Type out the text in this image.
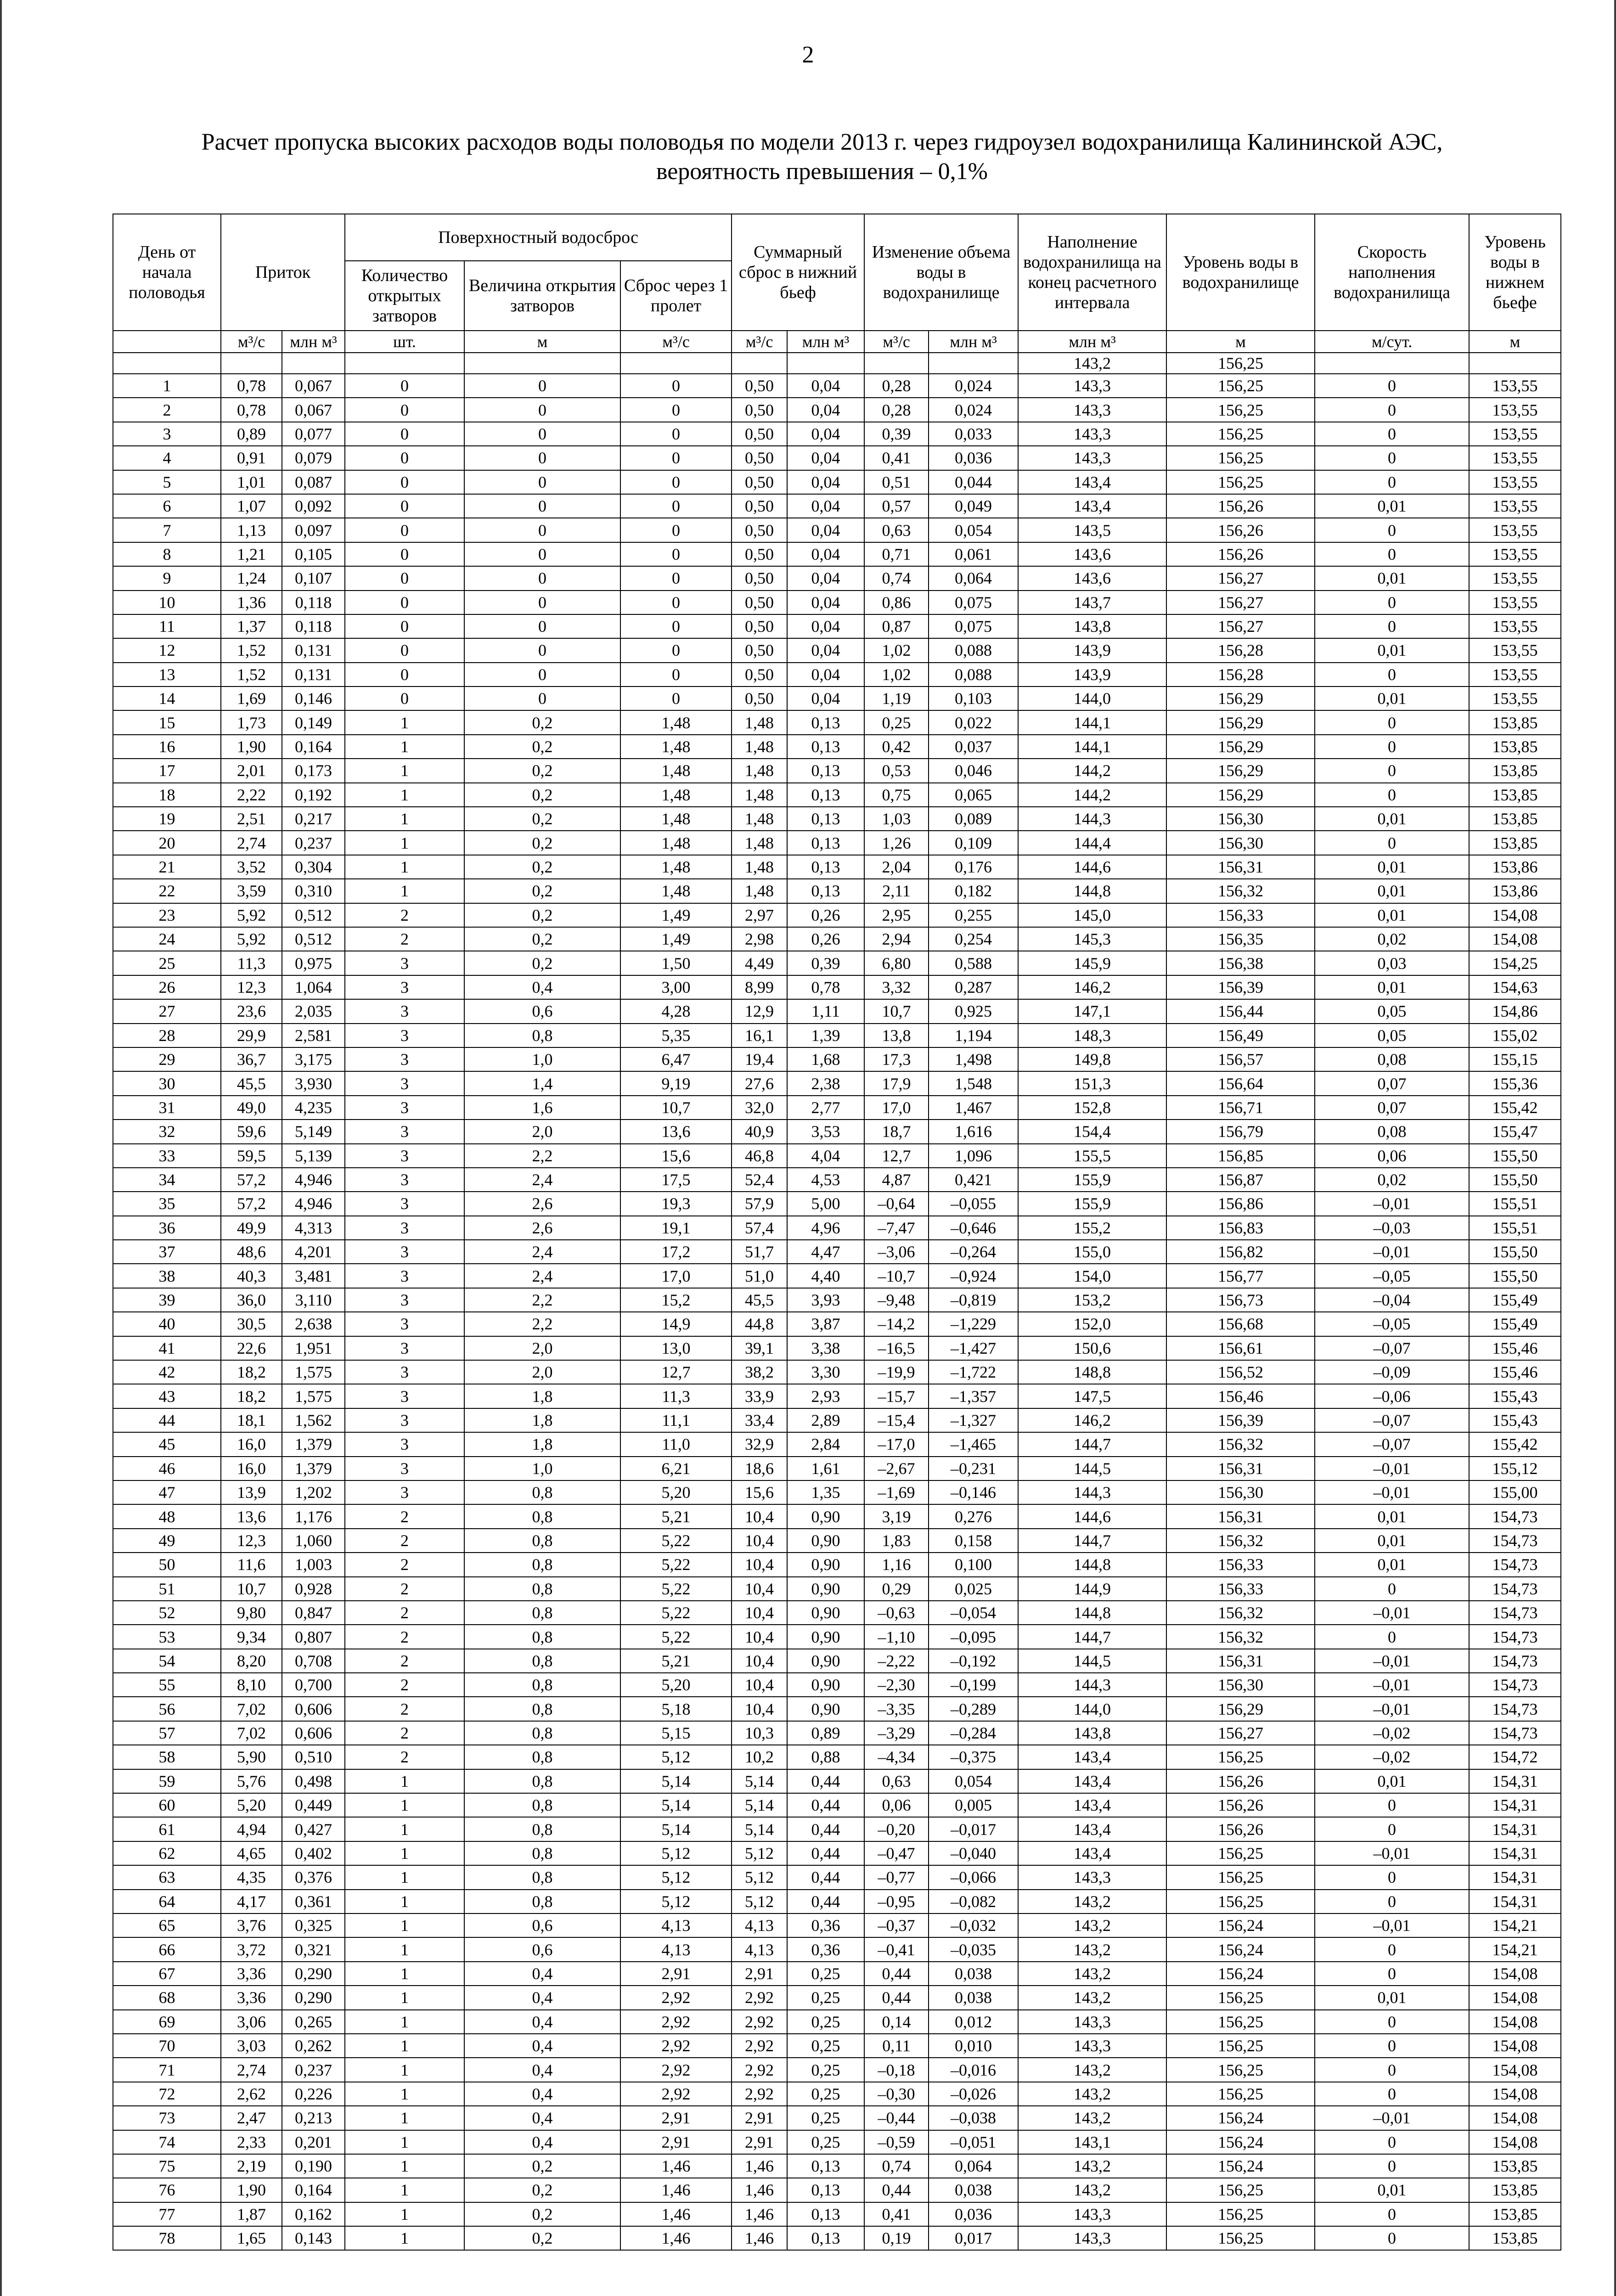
2
Расчет пропуска высоких расходов воды половодья по модели 2013 г. через гидроузел водохранилища Калининской АЭС,
вероятность превышения – 0,1%
День от начала половодья	Приток		Поверхностный водосброс			Суммарный сброс в нижний бьеф		Изменение объема воды в водохранилище		Наполнение водохранилища на конец расчетного интервала	Уровень воды в водохранилище	Скорость наполнения водохранилища	Уровень воды в нижнем бьефе
			Количество открытых затворов	Величина открытия затворов	Сброс через 1 пролет								
	м³/с	млн м³	шт.	м	м³/с	м³/с	млн м³	м³/с	млн м³	млн м³	м	м/сут.	м
										143,2	156,25		
1	0,78	0,067	0	0	0	0,50	0,04	0,28	0,024	143,3	156,25	0	153,55
2	0,78	0,067	0	0	0	0,50	0,04	0,28	0,024	143,3	156,25	0	153,55
3	0,89	0,077	0	0	0	0,50	0,04	0,39	0,033	143,3	156,25	0	153,55
4	0,91	0,079	0	0	0	0,50	0,04	0,41	0,036	143,3	156,25	0	153,55
5	1,01	0,087	0	0	0	0,50	0,04	0,51	0,044	143,4	156,25	0	153,55
6	1,07	0,092	0	0	0	0,50	0,04	0,57	0,049	143,4	156,26	0,01	153,55
7	1,13	0,097	0	0	0	0,50	0,04	0,63	0,054	143,5	156,26	0	153,55
8	1,21	0,105	0	0	0	0,50	0,04	0,71	0,061	143,6	156,26	0	153,55
9	1,24	0,107	0	0	0	0,50	0,04	0,74	0,064	143,6	156,27	0,01	153,55
10	1,36	0,118	0	0	0	0,50	0,04	0,86	0,075	143,7	156,27	0	153,55
11	1,37	0,118	0	0	0	0,50	0,04	0,87	0,075	143,8	156,27	0	153,55
12	1,52	0,131	0	0	0	0,50	0,04	1,02	0,088	143,9	156,28	0,01	153,55
13	1,52	0,131	0	0	0	0,50	0,04	1,02	0,088	143,9	156,28	0	153,55
14	1,69	0,146	0	0	0	0,50	0,04	1,19	0,103	144,0	156,29	0,01	153,55
15	1,73	0,149	1	0,2	1,48	1,48	0,13	0,25	0,022	144,1	156,29	0	153,85
16	1,90	0,164	1	0,2	1,48	1,48	0,13	0,42	0,037	144,1	156,29	0	153,85
17	2,01	0,173	1	0,2	1,48	1,48	0,13	0,53	0,046	144,2	156,29	0	153,85
18	2,22	0,192	1	0,2	1,48	1,48	0,13	0,75	0,065	144,2	156,29	0	153,85
19	2,51	0,217	1	0,2	1,48	1,48	0,13	1,03	0,089	144,3	156,30	0,01	153,85
20	2,74	0,237	1	0,2	1,48	1,48	0,13	1,26	0,109	144,4	156,30	0	153,85
21	3,52	0,304	1	0,2	1,48	1,48	0,13	2,04	0,176	144,6	156,31	0,01	153,86
22	3,59	0,310	1	0,2	1,48	1,48	0,13	2,11	0,182	144,8	156,32	0,01	153,86
23	5,92	0,512	2	0,2	1,49	2,97	0,26	2,95	0,255	145,0	156,33	0,01	154,08
24	5,92	0,512	2	0,2	1,49	2,98	0,26	2,94	0,254	145,3	156,35	0,02	154,08
25	11,3	0,975	3	0,2	1,50	4,49	0,39	6,80	0,588	145,9	156,38	0,03	154,25
26	12,3	1,064	3	0,4	3,00	8,99	0,78	3,32	0,287	146,2	156,39	0,01	154,63
27	23,6	2,035	3	0,6	4,28	12,9	1,11	10,7	0,925	147,1	156,44	0,05	154,86
28	29,9	2,581	3	0,8	5,35	16,1	1,39	13,8	1,194	148,3	156,49	0,05	155,02
29	36,7	3,175	3	1,0	6,47	19,4	1,68	17,3	1,498	149,8	156,57	0,08	155,15
30	45,5	3,930	3	1,4	9,19	27,6	2,38	17,9	1,548	151,3	156,64	0,07	155,36
31	49,0	4,235	3	1,6	10,7	32,0	2,77	17,0	1,467	152,8	156,71	0,07	155,42
32	59,6	5,149	3	2,0	13,6	40,9	3,53	18,7	1,616	154,4	156,79	0,08	155,47
33	59,5	5,139	3	2,2	15,6	46,8	4,04	12,7	1,096	155,5	156,85	0,06	155,50
34	57,2	4,946	3	2,4	17,5	52,4	4,53	4,87	0,421	155,9	156,87	0,02	155,50
35	57,2	4,946	3	2,6	19,3	57,9	5,00	–0,64	–0,055	155,9	156,86	–0,01	155,51
36	49,9	4,313	3	2,6	19,1	57,4	4,96	–7,47	–0,646	155,2	156,83	–0,03	155,51
37	48,6	4,201	3	2,4	17,2	51,7	4,47	–3,06	–0,264	155,0	156,82	–0,01	155,50
38	40,3	3,481	3	2,4	17,0	51,0	4,40	–10,7	–0,924	154,0	156,77	–0,05	155,50
39	36,0	3,110	3	2,2	15,2	45,5	3,93	–9,48	–0,819	153,2	156,73	–0,04	155,49
40	30,5	2,638	3	2,2	14,9	44,8	3,87	–14,2	–1,229	152,0	156,68	–0,05	155,49
41	22,6	1,951	3	2,0	13,0	39,1	3,38	–16,5	–1,427	150,6	156,61	–0,07	155,46
42	18,2	1,575	3	2,0	12,7	38,2	3,30	–19,9	–1,722	148,8	156,52	–0,09	155,46
43	18,2	1,575	3	1,8	11,3	33,9	2,93	–15,7	–1,357	147,5	156,46	–0,06	155,43
44	18,1	1,562	3	1,8	11,1	33,4	2,89	–15,4	–1,327	146,2	156,39	–0,07	155,43
45	16,0	1,379	3	1,8	11,0	32,9	2,84	–17,0	–1,465	144,7	156,32	–0,07	155,42
46	16,0	1,379	3	1,0	6,21	18,6	1,61	–2,67	–0,231	144,5	156,31	–0,01	155,12
47	13,9	1,202	3	0,8	5,20	15,6	1,35	–1,69	–0,146	144,3	156,30	–0,01	155,00
48	13,6	1,176	2	0,8	5,21	10,4	0,90	3,19	0,276	144,6	156,31	0,01	154,73
49	12,3	1,060	2	0,8	5,22	10,4	0,90	1,83	0,158	144,7	156,32	0,01	154,73
50	11,6	1,003	2	0,8	5,22	10,4	0,90	1,16	0,100	144,8	156,33	0,01	154,73
51	10,7	0,928	2	0,8	5,22	10,4	0,90	0,29	0,025	144,9	156,33	0	154,73
52	9,80	0,847	2	0,8	5,22	10,4	0,90	–0,63	–0,054	144,8	156,32	–0,01	154,73
53	9,34	0,807	2	0,8	5,22	10,4	0,90	–1,10	–0,095	144,7	156,32	0	154,73
54	8,20	0,708	2	0,8	5,21	10,4	0,90	–2,22	–0,192	144,5	156,31	–0,01	154,73
55	8,10	0,700	2	0,8	5,20	10,4	0,90	–2,30	–0,199	144,3	156,30	–0,01	154,73
56	7,02	0,606	2	0,8	5,18	10,4	0,90	–3,35	–0,289	144,0	156,29	–0,01	154,73
57	7,02	0,606	2	0,8	5,15	10,3	0,89	–3,29	–0,284	143,8	156,27	–0,02	154,73
58	5,90	0,510	2	0,8	5,12	10,2	0,88	–4,34	–0,375	143,4	156,25	–0,02	154,72
59	5,76	0,498	1	0,8	5,14	5,14	0,44	0,63	0,054	143,4	156,26	0,01	154,31
60	5,20	0,449	1	0,8	5,14	5,14	0,44	0,06	0,005	143,4	156,26	0	154,31
61	4,94	0,427	1	0,8	5,14	5,14	0,44	–0,20	–0,017	143,4	156,26	0	154,31
62	4,65	0,402	1	0,8	5,12	5,12	0,44	–0,47	–0,040	143,4	156,25	–0,01	154,31
63	4,35	0,376	1	0,8	5,12	5,12	0,44	–0,77	–0,066	143,3	156,25	0	154,31
64	4,17	0,361	1	0,8	5,12	5,12	0,44	–0,95	–0,082	143,2	156,25	0	154,31
65	3,76	0,325	1	0,6	4,13	4,13	0,36	–0,37	–0,032	143,2	156,24	–0,01	154,21
66	3,72	0,321	1	0,6	4,13	4,13	0,36	–0,41	–0,035	143,2	156,24	0	154,21
67	3,36	0,290	1	0,4	2,91	2,91	0,25	0,44	0,038	143,2	156,24	0	154,08
68	3,36	0,290	1	0,4	2,92	2,92	0,25	0,44	0,038	143,2	156,25	0,01	154,08
69	3,06	0,265	1	0,4	2,92	2,92	0,25	0,14	0,012	143,3	156,25	0	154,08
70	3,03	0,262	1	0,4	2,92	2,92	0,25	0,11	0,010	143,3	156,25	0	154,08
71	2,74	0,237	1	0,4	2,92	2,92	0,25	–0,18	–0,016	143,2	156,25	0	154,08
72	2,62	0,226	1	0,4	2,92	2,92	0,25	–0,30	–0,026	143,2	156,25	0	154,08
73	2,47	0,213	1	0,4	2,91	2,91	0,25	–0,44	–0,038	143,2	156,24	–0,01	154,08
74	2,33	0,201	1	0,4	2,91	2,91	0,25	–0,59	–0,051	143,1	156,24	0	154,08
75	2,19	0,190	1	0,2	1,46	1,46	0,13	0,74	0,064	143,2	156,24	0	153,85
76	1,90	0,164	1	0,2	1,46	1,46	0,13	0,44	0,038	143,2	156,25	0,01	153,85
77	1,87	0,162	1	0,2	1,46	1,46	0,13	0,41	0,036	143,3	156,25	0	153,85
78	1,65	0,143	1	0,2	1,46	1,46	0,13	0,19	0,017	143,3	156,25	0	153,85
